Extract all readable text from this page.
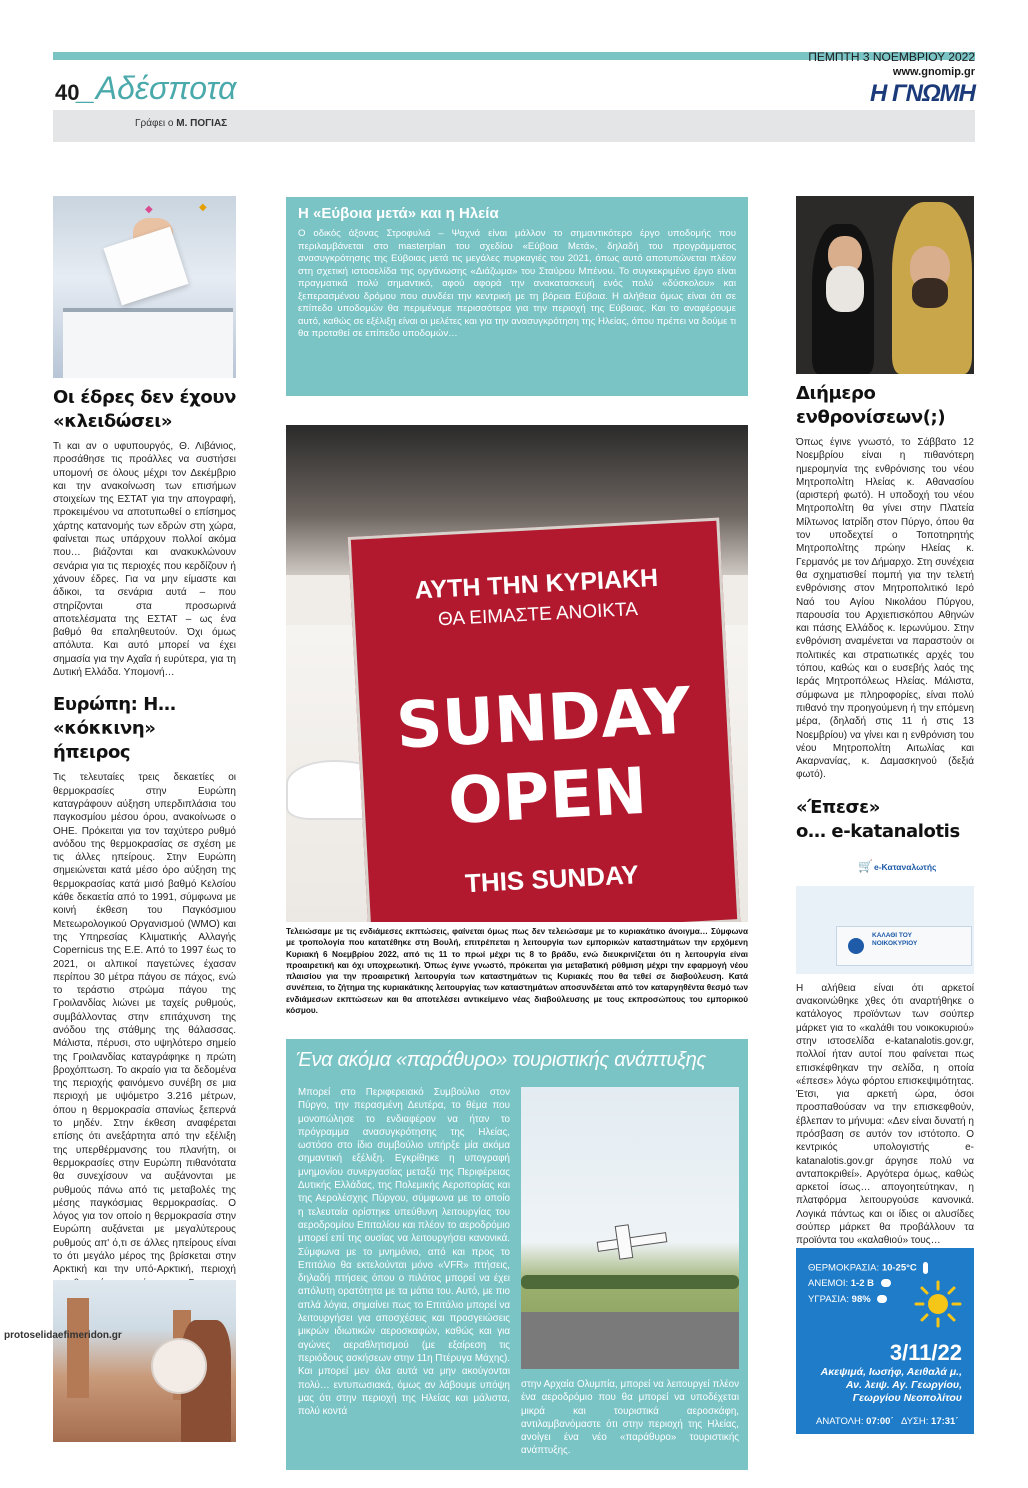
40
_Αδέσποτα
Γράφει ο Μ. ΠΟΓΙΑΣ
ΠΕΜΠΤΗ 3 ΝΟΕΜΒΡΙΟΥ 2022
www.gnomip.gr
Η ΓΝΩΜΗ
◆	◆
Οι έδρες δεν έχουν
«κλειδώσει»

Τι και αν ο υφυπουργός, Θ. Λιβάνιος, προσάθησε τις προάλλες να συστήσει υπομονή σε όλους μέχρι τον Δεκέμβριο και την ανακοίνωση των επισήμων στοιχείων της ΕΣΤΑΤ για την απογραφή, προκειμένου να αποτυπωθεί ο επίσημος χάρτης κατανομής των εδρών στη χώρα, φαίνεται πως υπάρχουν πολλοί ακόμα που… βιάζονται και ανακυκλώνουν σενάρια για τις περιοχές που κερδίζουν ή χάνουν έδρες. Για να μην είμαστε και άδικοι, τα σενάρια αυτά – που στηρίζονται στα προσωρινά αποτελέσματα της ΕΣΤΑΤ – ως ένα βαθμό θα επαληθευτούν. Όχι όμως απόλυτα. Και αυτό μπορεί να έχει σημασία για την Αχαΐα ή ευρύτερα, για τη Δυτική Ελλάδα. Υπομονή…

Ευρώπη: Η…
«κόκκινη» ήπειρος

Τις τελευταίες τρεις δεκαετίες οι θερμοκρασίες στην Ευρώπη καταγράφουν αύξηση υπερδιπλάσια του παγκοσμίου μέσου όρου, ανακοίνωσε ο ΟΗΕ. Πρόκειται για τον ταχύτερο ρυθμό ανόδου της θερμοκρασίας σε σχέση με τις άλλες ηπείρους. Στην Ευρώπη σημειώνεται κατά μέσο όρο αύξηση της θερμοκρασίας κατά μισό βαθμό Κελσίου κάθε δεκαετία από το 1991, σύμφωνα με κοινή έκθεση του Παγκόσμιου Μετεωρολογικού Οργανισμού (WMO) και της Υπηρεσίας Κλιματικής Αλλαγής Copernicus της Ε.Ε. Από το 1997 έως το 2021, οι αλπικοί παγετώνες έχασαν περίπου 30 μέτρα πάγου σε πάχος, ενώ το τεράστιο στρώμα πάγου της Γροιλανδίας λιώνει με ταχείς ρυθμούς, συμβάλλοντας στην επιτάχυνση της ανόδου της στάθμης της θάλασσας. Μάλιστα, πέρυσι, στο υψηλότερο σημείο της Γροιλανδίας καταγράφηκε η πρώτη βροχόπτωση. Το ακραίο για τα δεδομένα της περιοχής φαινόμενο συνέβη σε μια περιοχή με υψόμετρο 3.216 μέτρων, όπου η θερμοκρασία σπανίως ξεπερνά το μηδέν. Στην έκθεση αναφέρεται επίσης ότι ανεξάρτητα από την εξέλιξη της υπερθέρμανσης του πλανήτη, οι θερμοκρασίες στην Ευρώπη πιθανότατα θα συνεχίσουν να αυξάνονται με ρυθμούς πάνω από τις μεταβολές της μέσης παγκόσμιας θερμοκρασίας. Ο λόγος για τον οποίο η θερμοκρασία στην Ευρώπη αυξάνεται με μεγαλύτερους ρυθμούς απ' ό,τι σε άλλες ηπείρους είναι το ότι μεγάλο μέρος της βρίσκεται στην Αρκτική και την υπό-Αρκτική, περιοχή

protoselidaefimeridon.gr
Η «Εύβοια μετά» και η Ηλεία

Ο οδικός άξονας Στροφυλιά – Ψαχνά είναι μάλλον το σημαντικότερο έργο υποδομής που περιλαμβάνεται στο masterplan του σχεδίου «Εύβοια Μετά», δηλαδή του προγράμματος ανασυγκρότησης της Εύβοιας μετά τις μεγάλες πυρκαγιές του 2021, όπως αυτό αποτυπώνεται πλέον στη σχετική ιστοσελίδα της οργάνωσης «Διάζωμα» του Σταύρου Μπένου. Το συγκεκριμένο έργο είναι πραγματικά πολύ σημαντικό, αφού αφορά την ανακατασκευή ενός πολύ «δύσκολου» και ξεπερασμένου δρόμου που συνδέει την κεντρική με τη βόρεια Εύβοια. Η αλήθεια όμως είναι ότι σε επίπεδο υποδομών θα περιμέναμε περισσότερα για την περιοχή της Εύβοιας. Και το αναφέρουμε αυτό, καθώς σε εξέλιξη είναι οι μελέτες και για την ανασυγκρότηση της Ηλείας, όπου πρέπει να δούμε τι θα προταθεί σε επίπεδο υποδομών…

ΑΥΤΗ ΤΗΝ ΚΥΡΙΑΚΗ
ΘΑ ΕΙΜΑΣΤΕ ΑΝΟΙΚΤΑ
SUNDAY
OPEN
THIS SUNDAY

Τελειώσαμε με τις ενδιάμεσες εκπτώσεις, φαίνεται όμως πως δεν τελειώσαμε με το κυριακάτικο άνοιγμα… Σύμφωνα με τροπολογία που κατατέθηκε στη Βουλή, επιτρέπεται η λειτουργία των εμπορικών καταστημάτων την ερχόμενη Κυριακή 6 Νοεμβρίου 2022, από τις 11 το πρωί μέχρι τις 8 το βράδυ, ενώ διευκρινίζεται ότι η λειτουργία είναι προαιρετική και όχι υποχρεωτική. Όπως έγινε γνωστό, πρόκειται για μεταβατική ρύθμιση μέχρι την εφαρμογή νέου πλαισίου για την προαιρετική λειτουργία των καταστημάτων τις Κυριακές που θα τεθεί σε διαβούλευση. Κατά συνέπεια, το ζήτημα της κυριακάτικης λειτουργίας των καταστημάτων αποσυνδέεται από τον καταργηθέντα θεσμό των ενδιάμεσων εκπτώσεων και θα αποτελέσει αντικείμενο νέας διαβούλευσης με τους εκπροσώπους του εμπορικού κόσμου.

Ένα ακόμα «παράθυρο» τουριστικής ανάπτυξης

Μπορεί στο Περιφερειακό Συμβούλιο στον Πύργο, την περασμένη Δευτέρα, το θέμα που μονοπώλησε το ενδιαφέρον να ήταν το πρόγραμμα ανασυγκρότησης της Ηλείας, ωστόσο στο ίδιο συμβούλιο υπήρξε μία ακόμα σημαντική εξέλιξη. Εγκρίθηκε η υπογραφή μνημονίου συνεργασίας μεταξύ της Περιφέρειας Δυτικής Ελλάδας, της Πολεμικής Αεροπορίας και της Αερολέσχης Πύργου, σύμφωνα με το οποίο η τελευταία ορίστηκε υπεύθυνη λειτουργίας του αεροδρομίου Επιταλίου και πλέον το αεροδρόμιο μπορεί επί της ουσίας να λειτουργήσει κανονικά. Σύμφωνα με το μνημόνιο, από και προς το Επιτάλιο θα εκτελούνται μόνο «VFR» πτήσεις, δηλαδή πτήσεις όπου ο πιλότος μπορεί να έχει απόλυτη ορατότητα με τα μάτια του. Αυτό, με πιο απλά λόγια, σημαίνει πως το Επιτάλιο μπορεί να λειτουργήσει για αποσχέσεις και προσγειώσεις μικρών ιδιωτικών αεροσκαφών, καθώς και για αγώνες αεραθλητισμού (με εξαίρεση τις περιόδους ασκήσεων στην 11η Πτέρυγα Μάχης). Και μπορεί μεν όλα αυτά να μην ακούγονται πολύ… εντυπωσιακά, όμως αν λάβουμε υπόψη μας ότι στην περιοχή της Ηλείας και μάλιστα, πολύ κοντά

στην Αρχαία Ολυμπία, μπορεί να λειτουργεί πλέον ένα αεροδρόμιο που θα μπορεί να υποδέχεται μικρά και τουριστικά αεροσκάφη, αντιλαμβανόμαστε ότι στην περιοχή της Ηλείας, ανοίγει ένα νέο «παράθυρο» τουριστικής ανάπτυξης.

Διήμερο
ενθρονίσεων(;)

Όπως έγινε γνωστό, το Σάββατο 12 Νοεμβρίου είναι η πιθανότερη ημερομηνία της ενθρόνισης του νέου Μητροπολίτη Ηλείας κ. Αθανασίου (αριστερή φωτό). Η υποδοχή του νέου Μητροπολίτη θα γίνει στην Πλατεία Μίλτωνος Ιατρίδη στον Πύργο, όπου θα τον υποδεχτεί ο Τοποτηρητής Μητροπολίτης πρώην Ηλείας κ. Γερμανός με τον Δήμαρχο. Στη συνέχεια θα σχηματισθεί πομπή για την τελετή ενθρόνισης στον Μητροπολιτικό Ιερό Ναό του Αγίου Νικολάου Πύργου, παρουσία του Αρχιεπισκόπου Αθηνών και πάσης Ελλάδος κ. Ιερωνύμου. Στην ενθρόνιση αναμένεται να παραστούν οι πολιτικές και στρατιωτικές αρχές του τόπου, καθώς και ο ευσεβής λαός της Ιεράς Μητροπόλεως Ηλείας. Μάλιστα, σύμφωνα με πληροφορίες, είναι πολύ πιθανό την προηγούμενη ή την επόμενη μέρα, (δηλαδή στις 11 ή στις 13 Νοεμβρίου) να γίνει και η ενθρόνιση του νέου Μητροπολίτη Αιτωλίας και Ακαρνανίας, κ. Δαμασκηνού (δεξιά φωτό).

«Έπεσε»
ο… e-katanalotis
🛒 e-Καταναλωτής
ΚΑΛΑΘΙ ΤΟΥ ΝΟΙΚΟΚΥΡΙΟΥ

Η αλήθεια είναι ότι αρκετοί ανακοινώθηκε χθες ότι αναρτήθηκε ο κατάλογος προϊόντων των σούπερ μάρκετ για το «καλάθι του νοικοκυριού» στην ιστοσελίδα e-katanalotis.gov.gr, πολλοί ήταν αυτοί που φαίνεται πως επισκέφθηκαν την σελίδα, η οποία «έπεσε» λόγω φόρτου επισκεψιμότητας. Έτσι, για αρκετή ώρα, όσοι προσπαθούσαν να την επισκεφθούν, έβλεπαν το μήνυμα: «Δεν είναι δυνατή η πρόσβαση σε αυτόν τον ιστότοπο. Ο κεντρικός υπολογιστής e-katanalotis.gov.gr άργησε πολύ να ανταποκριθεί». Αργότερα όμως, καθώς αρκετοί ίσως… απογοητεύτηκαν, η πλατφόρμα λειτουργούσε κανονικά. Λογικά πάντως και οι ίδιες οι αλυσίδες σούπερ μάρκετ θα προβάλλουν τα προϊόντα του «καλαθιού» τους…

ΘΕΡΜΟΚΡΑΣΙΑ: 10-25°C
ΑΝΕΜΟΙ: 1-2 Β
ΥΓΡΑΣΙΑ: 98%
3/11/22
Ακεψιμά, Ιωσήφ, Αειθαλά μ.,
Αν. λειψ. Αγ. Γεωργίου,
Γεωργίου Νεοπολίτου
ΑΝΑΤΟΛΗ: 07:00΄ ΔΥΣΗ: 17:31΄
